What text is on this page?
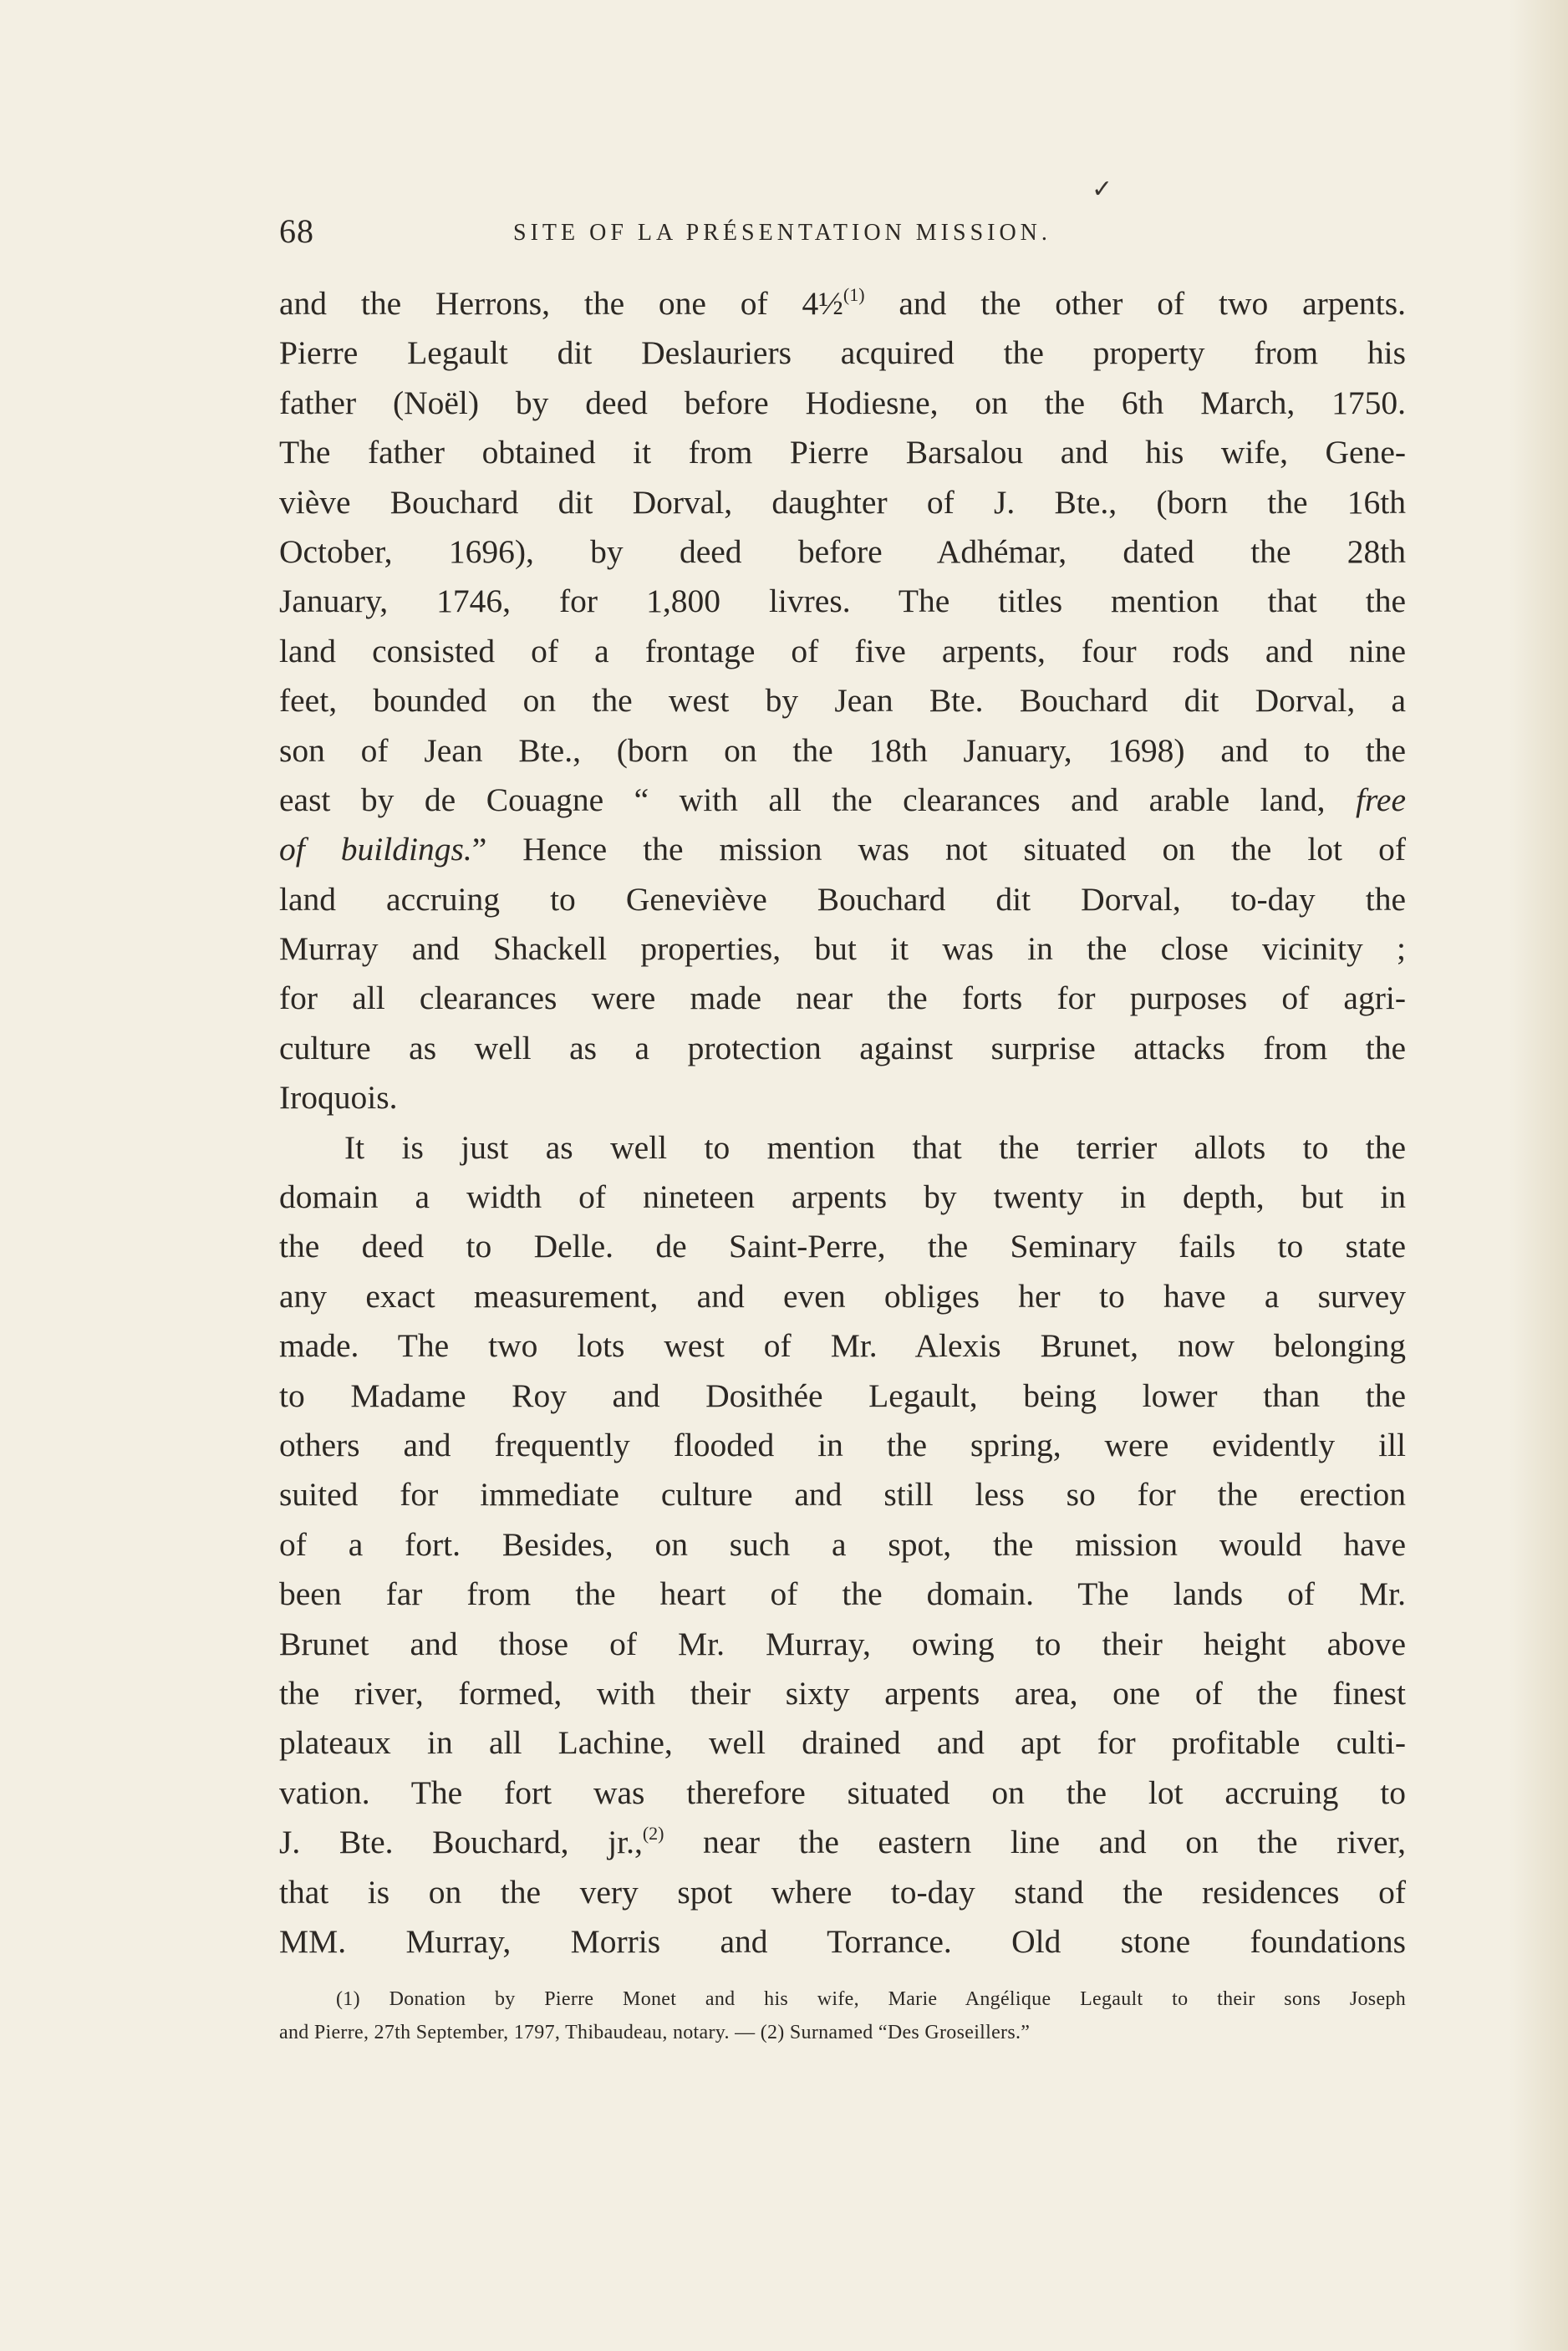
✓
68	SITE OF LA PRÉSENTATION MISSION.
and the Herrons, the one of 4½$^{(1)}$ and the other of two arpents.
Pierre Legault dit Deslauriers acquired the property from his
father (Noël) by deed before Hodiesne, on the 6th March, 1750.
The father obtained it from Pierre Barsalou and his wife, Gene-
viève Bouchard dit Dorval, daughter of J. Bte., (born the 16th
October, 1696), by deed before Adhémar, dated the 28th
January, 1746, for 1,800 livres. The titles mention that the
land consisted of a frontage of five arpents, four rods and nine
feet, bounded on the west by Jean Bte. Bouchard dit Dorval, a
son of Jean Bte., (born on the 18th January, 1698) and to the
east by de Couagne “ with all the clearances and arable land, free
of buildings.” Hence the mission was not situated on the lot of
land accruing to Geneviève Bouchard dit Dorval, to-day the
Murray and Shackell properties, but it was in the close vicinity ;
for all clearances were made near the forts for purposes of agri-
culture as well as a protection against surprise attacks from the
Iroquois.
It is just as well to mention that the terrier allots to the
domain a width of nineteen arpents by twenty in depth, but in
the deed to Delle. de Saint-Perre, the Seminary fails to state
any exact measurement, and even obliges her to have a survey
made. The two lots west of Mr. Alexis Brunet, now belonging
to Madame Roy and Dosithée Legault, being lower than the
others and frequently flooded in the spring, were evidently ill
suited for immediate culture and still less so for the erection
of a fort. Besides, on such a spot, the mission would have
been far from the heart of the domain. The lands of Mr.
Brunet and those of Mr. Murray, owing to their height above
the river, formed, with their sixty arpents area, one of the finest
plateaux in all Lachine, well drained and apt for profitable culti-
vation. The fort was therefore situated on the lot accruing to
J. Bte. Bouchard, jr.,$^{(2)}$ near the eastern line and on the river,
that is on the very spot where to-day stand the residences of
MM. Murray, Morris and Torrance. Old stone foundations
(1) Donation by Pierre Monet and his wife, Marie Angélique Legault to their sons Joseph
and Pierre, 27th September, 1797, Thibaudeau, notary. — (2) Surnamed “Des Groseillers.”
